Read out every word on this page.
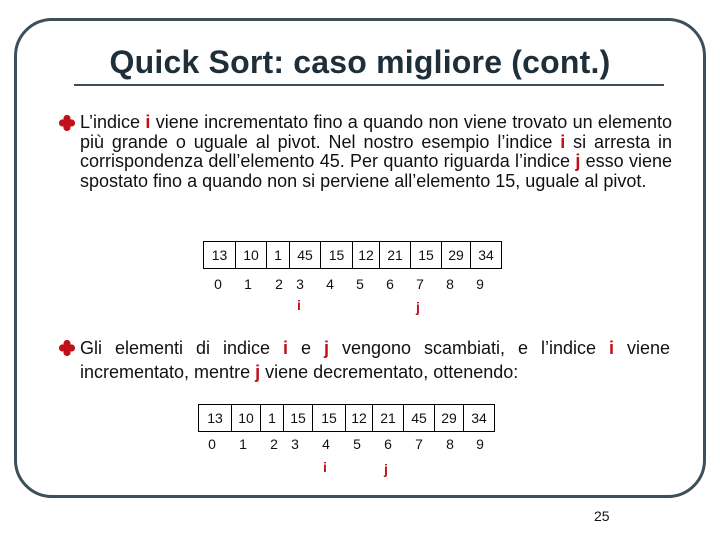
Quick Sort: caso migliore (cont.)
L’indice i viene incrementato fino a quando non viene trovato un elemento più grande o uguale al pivot. Nel nostro esempio l’indice i si arresta in corrispondenza dell’elemento 45. Per quanto riguarda l’indice j esso viene spostato fino a quando non si perviene all’elemento 15, uguale al pivot.
13	10	1	45	15	12	21	15	29	34
0 1 2 3 4 5 6 7 8 9
i	j
Gli elementi di indice i e j vengono scambiati, e l’indice i viene incrementato, mentre j viene decrementato, ottenendo:
13	10	1	15	15	12	21	45	29	34
0 1 2 3 4 5 6 7 8 9
i	j
25
